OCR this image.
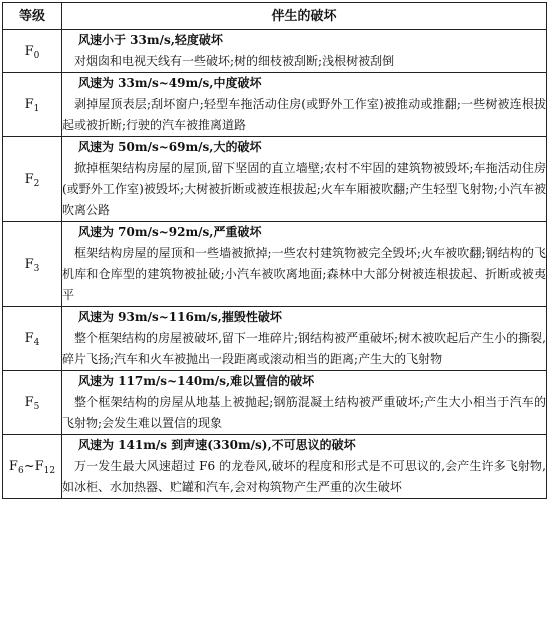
等级	伴生的破坏
$F_0$	风速小于 33m/s,轻度破坏
对烟囱和电视天线有一些破坏;树的细枝被刮断;浅根树被刮倒

$F_1$	风速为 33m/s~49m/s,中度破坏
剥掉屋顶表层;刮坏窗户;轻型车拖活动住房(或野外工作室)被推动或推翻;一些树被连根拔起或被折断;行驶的汽车被推离道路

$F_2$	风速为 50m/s~69m/s,大的破坏
掀掉框架结构房屋的屋顶,留下坚固的直立墙壁;农村不牢固的建筑物被毁坏;车拖活动住房(或野外工作室)被毁坏;大树被折断或被连根拔起;火车车厢被吹翻;产生轻型飞射物;小汽车被吹离公路

$F_3$	风速为 70m/s~92m/s,严重破坏
框架结构房屋的屋顶和一些墙被掀掉;一些农村建筑物被完全毁坏;火车被吹翻;钢结构的飞机库和仓库型的建筑物被扯破;小汽车被吹离地面;森林中大部分树被连根拔起、折断或被夷平

$F_4$	风速为 93m/s~116m/s,摧毁性破坏
整个框架结构的房屋被破坏,留下一堆碎片;钢结构被严重破坏;树木被吹起后产生小的撕裂,碎片飞扬;汽车和火车被抛出一段距离或滚动相当的距离;产生大的飞射物

$F_5$	风速为 117m/s~140m/s,难以置信的破坏
整个框架结构的房屋从地基上被抛起;钢筋混凝土结构被严重破坏;产生大小相当于汽车的飞射物;会发生难以置信的现象

$F_6\sim F_{12}$	风速为 141m/s 到声速(330m/s),不可思议的破坏
万一发生最大风速超过 F6 的龙卷风,破坏的程度和形式是不可思议的,会产生许多飞射物,如冰柜、水加热器、贮罐和汽车,会对构筑物产生严重的次生破坏
